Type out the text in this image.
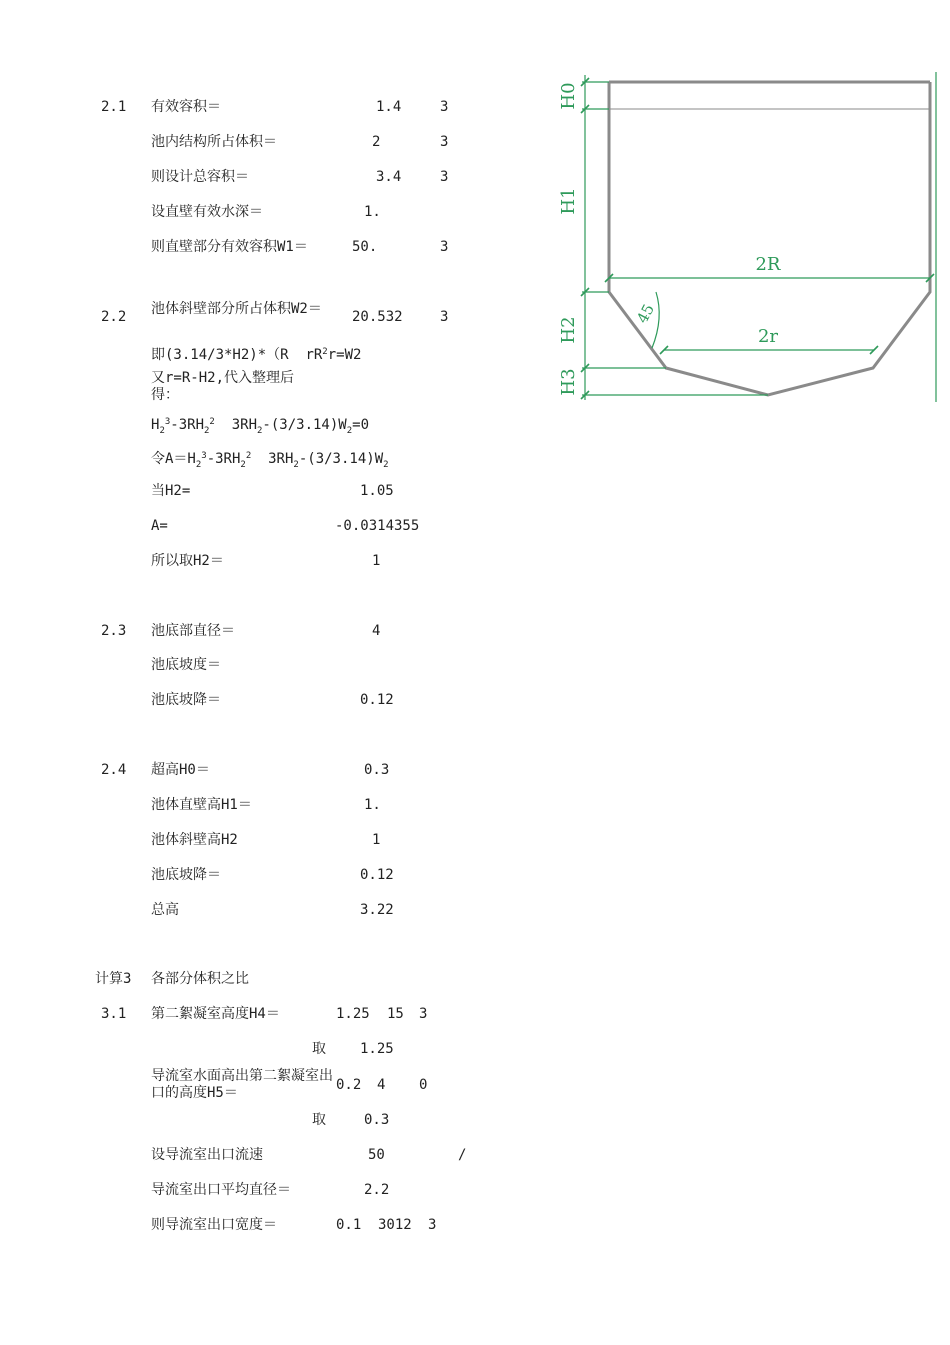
2.1 有效容积＝	1.4	3
池内结构所占体积＝	2	3
则设计总容积＝	3.4	3
设直壁有效水深＝	1.
则直壁部分有效容积W1＝	50.	3
2.2 池体斜壁部分所占体积W2＝	20.532	3
即(3.14/3*H2)*（R $rR^2r=W2$
又r=R-H2,代入整理后得：
$H_2^3-3RH_2^2$ $3RH_2-(3/3.14)W_2=0$
令$A=H_2^3-3RH_2^2$ $3RH_2-(3/3.14)W_2$
当H2=	1.05
A=	-0.0314355
所以取H2＝	1
2.3 池底部直径＝	4
池底坡度＝
池底坡降＝	0.12
2.4 超高H0＝	0.3
池体直壁高H1＝	1.
池体斜壁高H2	1
池底坡降＝	0.12
总高	3.22
计算3 各部分体积之比
3.1 第二絮凝室高度H4＝	1.25 15 3
取 1.25
导流室水面高出第二絮凝室出口的高度H5＝	0.2 4 0
取	0.3
设导流室出口流速	50	/
导流室出口平均直径＝	2.2
则导流室出口宽度＝	0.1 3012 3
H0
H1
H2
H3
2R
2r
45
